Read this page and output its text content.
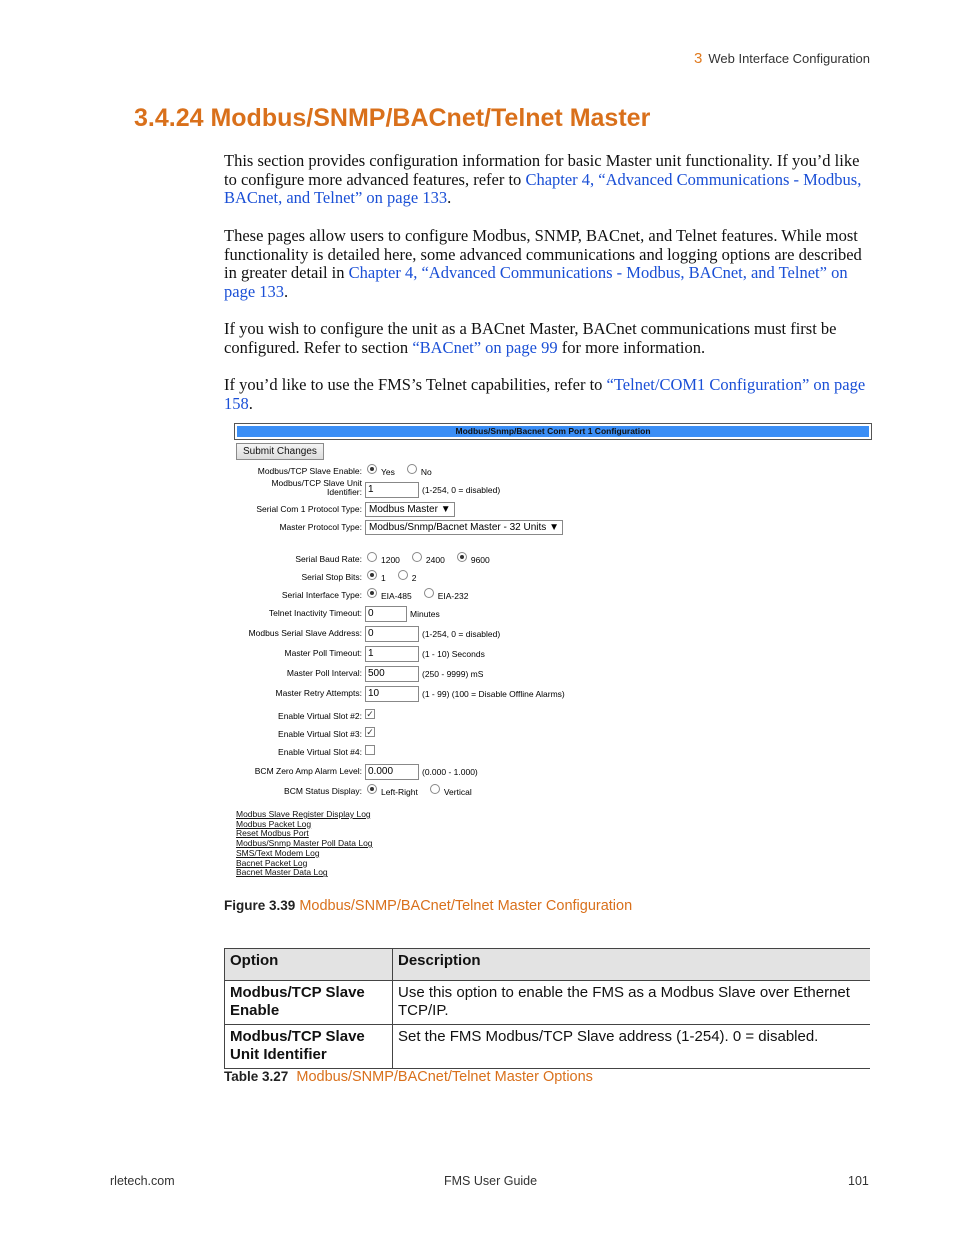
3 Web Interface Configuration
3.4.24 Modbus/SNMP/BACnet/Telnet Master

This section provides configuration information for basic Master unit functionality. If you’d like to configure more advanced features, refer to Chapter 4, “Advanced Communications - Modbus, BACnet, and Telnet” on page 133.

These pages allow users to configure Modbus, SNMP, BACnet, and Telnet features. While most functionality is detailed here, some advanced communications and logging options are described in greater detail in Chapter 4, “Advanced Communications - Modbus, BACnet, and Telnet” on page 133.

If you wish to configure the unit as a BACnet Master, BACnet communications must first be configured. Refer to section “BACnet” on page 99 for more information.

If you’d like to use the FMS’s Telnet capabilities, refer to “Telnet/COM1 Configuration” on page 158.

Modbus/Snmp/Bacnet Com Port 1 Configuration
Submit Changes
Modbus/TCP Slave Enable: Yes	No
Modbus/TCP Slave Unit Identifier: 1	(1-254, 0 = disabled)
Serial Com 1 Protocol Type: Modbus Master ▼
Master Protocol Type: Modbus/Snmp/Bacnet Master - 32 Units ▼
Serial Baud Rate: 1200	2400	9600
Serial Stop Bits: 1	2
Serial Interface Type: EIA-485	EIA-232
Telnet Inactivity Timeout: 0	Minutes
Modbus Serial Slave Address: 0	(1-254, 0 = disabled)
Master Poll Timeout: 1	(1 - 10) Seconds
Master Poll Interval: 500	(250 - 9999) mS
Master Retry Attempts: 10	(1 - 99) (100 = Disable Offline Alarms)
Enable Virtual Slot #2: ✓
Enable Virtual Slot #3: ✓
Enable Virtual Slot #4:
BCM Zero Amp Alarm Level: 0.000	(0.000 - 1.000)
BCM Status Display: Left-Right	Vertical
Modbus Slave Register Display Log
Modbus Packet Log
Reset Modbus Port
Modbus/Snmp Master Poll Data Log
SMS/Text Modem Log
Bacnet Packet Log
Bacnet Master Data Log
Figure 3.39 Modbus/SNMP/BACnet/Telnet Master Configuration
Option	Description
Modbus/TCP Slave Enable	Use this option to enable the FMS as a Modbus Slave over Ethernet TCP/IP.
Modbus/TCP Slave Unit Identifier	Set the FMS Modbus/TCP Slave address (1-254). 0 = disabled.
Table 3.27 Modbus/SNMP/BACnet/Telnet Master Options
rletech.com	FMS User Guide	101
